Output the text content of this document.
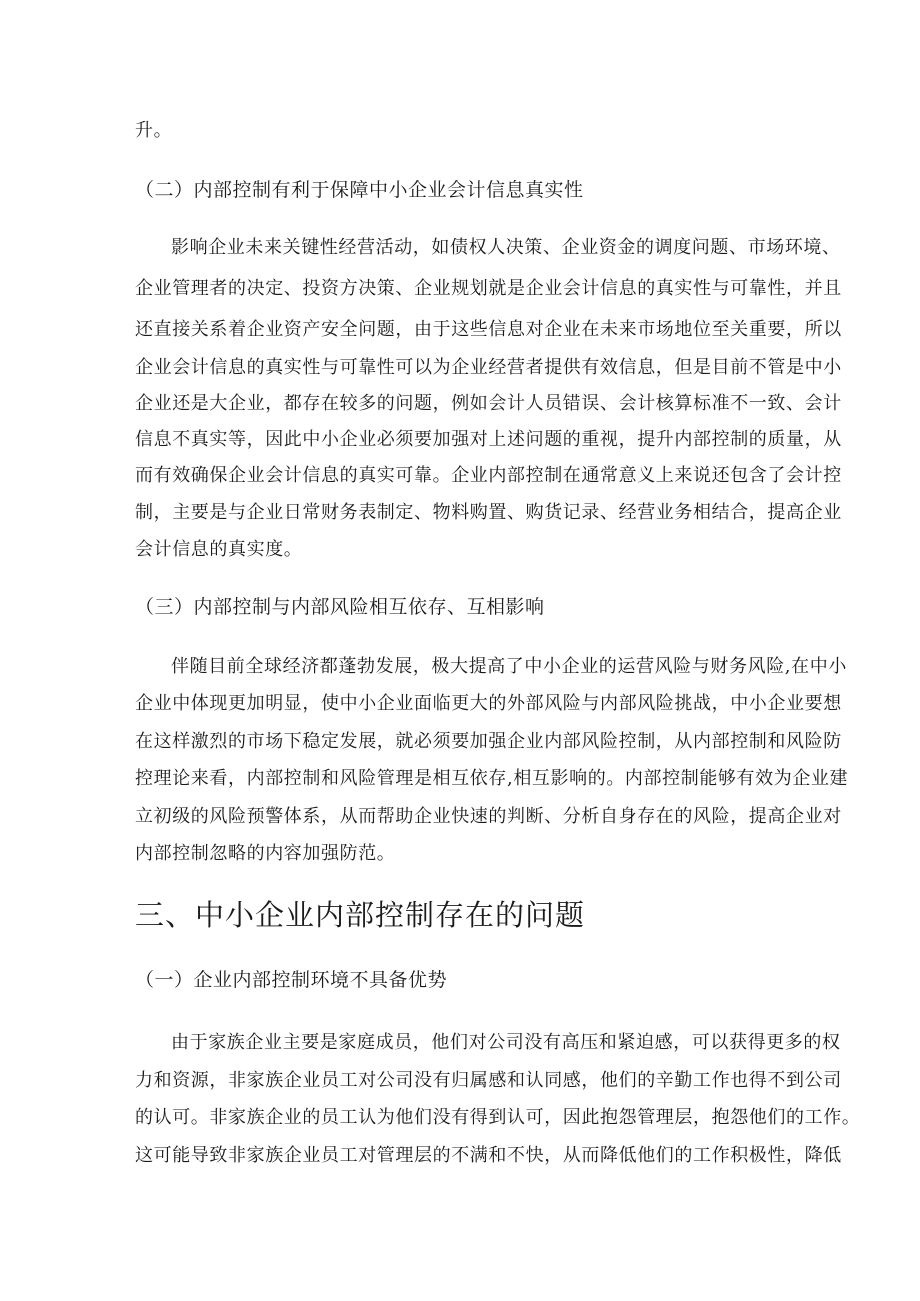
升。
（二）内部控制有利于保障中小企业会计信息真实性
影响企业未来关键性经营活动，如债权人决策、企业资金的调度问题、市场环境、
企业管理者的决定、投资方决策、企业规划就是企业会计信息的真实性与可靠性，并且
还直接关系着企业资产安全问题，由于这些信息对企业在未来市场地位至关重要，所以
企业会计信息的真实性与可靠性可以为企业经营者提供有效信息，但是目前不管是中小
企业还是大企业，都存在较多的问题，例如会计人员错误、会计核算标准不一致、会计
信息不真实等，因此中小企业必须要加强对上述问题的重视，提升内部控制的质量，从
而有效确保企业会计信息的真实可靠。企业内部控制在通常意义上来说还包含了会计控
制，主要是与企业日常财务表制定、物料购置、购货记录、经营业务相结合，提高企业
会计信息的真实度。
（三）内部控制与内部风险相互依存、互相影响
伴随目前全球经济都蓬勃发展，极大提高了中小企业的运营风险与财务风险,在中小
企业中体现更加明显，使中小企业面临更大的外部风险与内部风险挑战，中小企业要想
在这样激烈的市场下稳定发展，就必须要加强企业内部风险控制，从内部控制和风险防
控理论来看，内部控制和风险管理是相互依存,相互影响的。内部控制能够有效为企业建
立初级的风险预警体系，从而帮助企业快速的判断、分析自身存在的风险，提高企业对
内部控制忽略的内容加强防范。
三、中小企业内部控制存在的问题
（一）企业内部控制环境不具备优势
由于家族企业主要是家庭成员，他们对公司没有高压和紧迫感，可以获得更多的权
力和资源，非家族企业员工对公司没有归属感和认同感，他们的辛勤工作也得不到公司
的认可。非家族企业的员工认为他们没有得到认可，因此抱怨管理层，抱怨他们的工作。
这可能导致非家族企业员工对管理层的不满和不快，从而降低他们的工作积极性，降低
